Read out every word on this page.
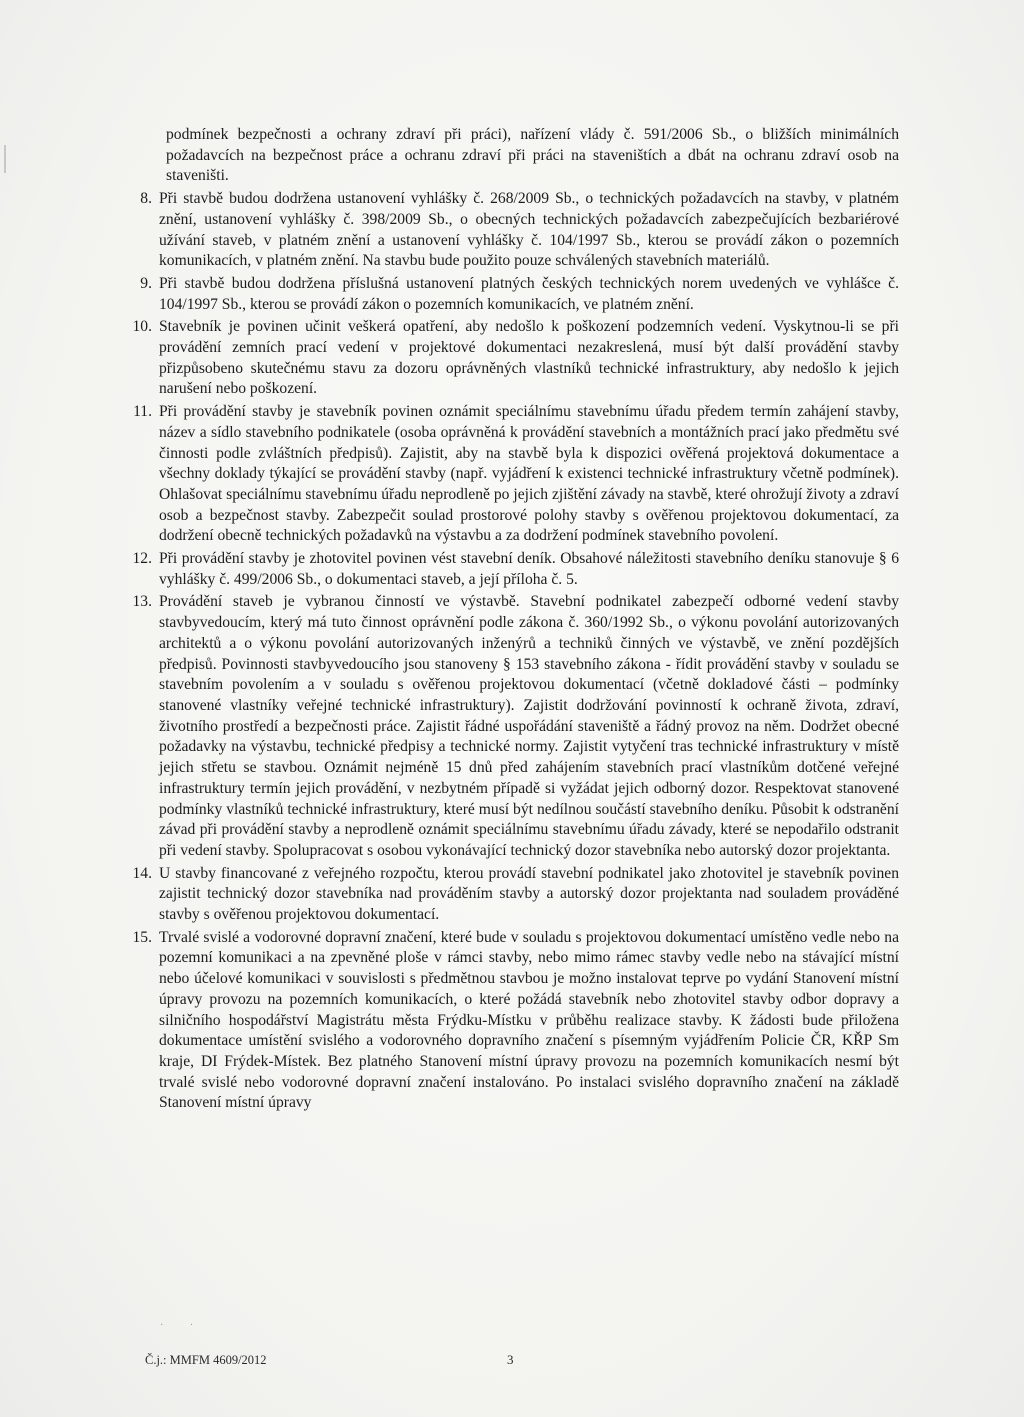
podmínek bezpečnosti a ochrany zdraví při práci), nařízení vlády č. 591/2006 Sb., o bližších minimálních požadavcích na bezpečnost práce a ochranu zdraví při práci na staveništích a dbát na ochranu zdraví osob na staveništi.

8. Při stavbě budou dodržena ustanovení vyhlášky č. 268/2009 Sb., o technických požadavcích na stavby, v platném znění, ustanovení vyhlášky č. 398/2009 Sb., o obecných technických požadavcích zabezpečujících bezbariérové užívání staveb, v platném znění a ustanovení vyhlášky č. 104/1997 Sb., kterou se provádí zákon o pozemních komunikacích, v platném znění. Na stavbu bude použito pouze schválených stavebních materiálů.
9. Při stavbě budou dodržena příslušná ustanovení platných českých technických norem uvedených ve vyhlášce č. 104/1997 Sb., kterou se provádí zákon o pozemních komunikacích, ve platném znění.
10. Stavebník je povinen učinit veškerá opatření, aby nedošlo k poškození podzemních vedení. Vyskytnou-li se při provádění zemních prací vedení v projektové dokumentaci nezakreslená, musí být další provádění stavby přizpůsobeno skutečnému stavu za dozoru oprávněných vlastníků technické infrastruktury, aby nedošlo k jejich narušení nebo poškození.
11. Při provádění stavby je stavebník povinen oznámit speciálnímu stavebnímu úřadu předem termín zahájení stavby, název a sídlo stavebního podnikatele (osoba oprávněná k provádění stavebních a montážních prací jako předmětu své činnosti podle zvláštních předpisů). Zajistit, aby na stavbě byla k dispozici ověřená projektová dokumentace a všechny doklady týkající se provádění stavby (např. vyjádření k existenci technické infrastruktury včetně podmínek). Ohlašovat speciálnímu stavebnímu úřadu neprodleně po jejich zjištění závady na stavbě, které ohrožují životy a zdraví osob a bezpečnost stavby. Zabezpečit soulad prostorové polohy stavby s ověřenou projektovou dokumentací, za dodržení obecně technických požadavků na výstavbu a za dodržení podmínek stavebního povolení.
12. Při provádění stavby je zhotovitel povinen vést stavební deník. Obsahové náležitosti stavebního deníku stanovuje § 6 vyhlášky č. 499/2006 Sb., o dokumentaci staveb, a její příloha č. 5.
13. Provádění staveb je vybranou činností ve výstavbě. Stavební podnikatel zabezpečí odborné vedení stavby stavbyvedoucím, který má tuto činnost oprávnění podle zákona č. 360/1992 Sb., o výkonu povolání autorizovaných architektů a o výkonu povolání autorizovaných inženýrů a techniků činných ve výstavbě, ve znění pozdějších předpisů. Povinnosti stavbyvedoucího jsou stanoveny § 153 stavebního zákona - řídit provádění stavby v souladu se stavebním povolením a v souladu s ověřenou projektovou dokumentací (včetně dokladové části – podmínky stanovené vlastníky veřejné technické infrastruktury). Zajistit dodržování povinností k ochraně života, zdraví, životního prostředí a bezpečnosti práce. Zajistit řádné uspořádání staveniště a řádný provoz na něm. Dodržet obecné požadavky na výstavbu, technické předpisy a technické normy. Zajistit vytyčení tras technické infrastruktury v místě jejich střetu se stavbou. Oznámit nejméně 15 dnů před zahájením stavebních prací vlastníkům dotčené veřejné infrastruktury termín jejich provádění, v nezbytném případě si vyžádat jejich odborný dozor. Respektovat stanovené podmínky vlastníků technické infrastruktury, které musí být nedílnou součástí stavebního deníku. Působit k odstranění závad při provádění stavby a neprodleně oznámit speciálnímu stavebnímu úřadu závady, které se nepodařilo odstranit při vedení stavby. Spolupracovat s osobou vykonávající technický dozor stavebníka nebo autorský dozor projektanta.
14. U stavby financované z veřejného rozpočtu, kterou provádí stavební podnikatel jako zhotovitel je stavebník povinen zajistit technický dozor stavebníka nad prováděním stavby a autorský dozor projektanta nad souladem prováděné stavby s ověřenou projektovou dokumentací.
15. Trvalé svislé a vodorovné dopravní značení, které bude v souladu s projektovou dokumentací umístěno vedle nebo na pozemní komunikaci a na zpevněné ploše v rámci stavby, nebo mimo rámec stavby vedle nebo na stávající místní nebo účelové komunikaci v souvislosti s předmětnou stavbou je možno instalovat teprve po vydání Stanovení místní úpravy provozu na pozemních komunikacích, o které požádá stavebník nebo zhotovitel stavby odbor dopravy a silničního hospodářství Magistrátu města Frýdku-Místku v průběhu realizace stavby. K žádosti bude přiložena dokumentace umístění svislého a vodorovného dopravního značení s písemným vyjádřením Policie ČR, KŘP Sm kraje, DI Frýdek-Místek. Bez platného Stanovení místní úpravy provozu na pozemních komunikacích nesmí být trvalé svislé nebo vodorovné dopravní značení instalováno. Po instalaci svislého dopravního značení na základě Stanovení místní úpravy
· ·
Č.j.: MMFM 4609/2012	3
